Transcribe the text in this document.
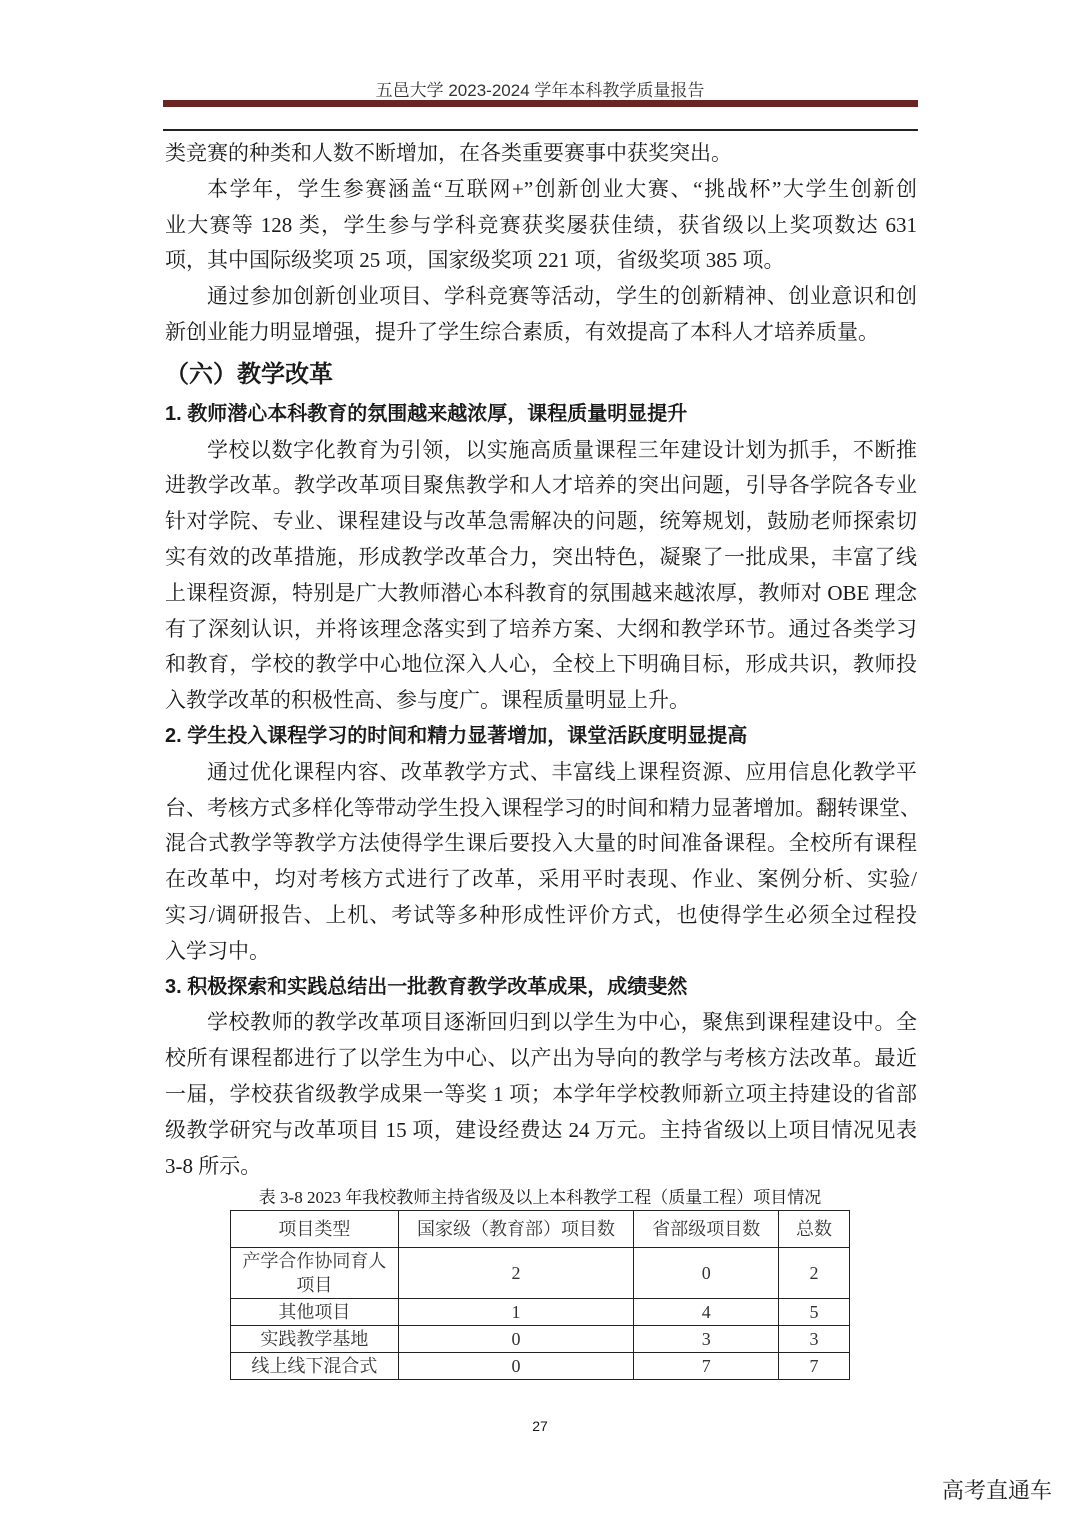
五邑大学 2023-2024 学年本科教学质量报告
类竞赛的种类和人数不断增加，在各类重要赛事中获奖突出。
本学年，学生参赛涵盖“互联网+”创新创业大赛、“挑战杯”大学生创新创
业大赛等 128 类，学生参与学科竞赛获奖屡获佳绩，获省级以上奖项数达 631
项，其中国际级奖项 25 项，国家级奖项 221 项，省级奖项 385 项。
通过参加创新创业项目、学科竞赛等活动，学生的创新精神、创业意识和创
新创业能力明显增强，提升了学生综合素质，有效提高了本科人才培养质量。
（六）教学改革
1. 教师潜心本科教育的氛围越来越浓厚，课程质量明显提升
学校以数字化教育为引领，以实施高质量课程三年建设计划为抓手，不断推
进教学改革。教学改革项目聚焦教学和人才培养的突出问题，引导各学院各专业
针对学院、专业、课程建设与改革急需解决的问题，统筹规划，鼓励老师探索切
实有效的改革措施，形成教学改革合力，突出特色，凝聚了一批成果，丰富了线
上课程资源，特别是广大教师潜心本科教育的氛围越来越浓厚，教师对 OBE 理念
有了深刻认识，并将该理念落实到了培养方案、大纲和教学环节。通过各类学习
和教育，学校的教学中心地位深入人心，全校上下明确目标，形成共识，教师投
入教学改革的积极性高、参与度广。课程质量明显上升。
2. 学生投入课程学习的时间和精力显著增加，课堂活跃度明显提高
通过优化课程内容、改革教学方式、丰富线上课程资源、应用信息化教学平
台、考核方式多样化等带动学生投入课程学习的时间和精力显著增加。翻转课堂、
混合式教学等教学方法使得学生课后要投入大量的时间准备课程。全校所有课程
在改革中，均对考核方式进行了改革，采用平时表现、作业、案例分析、实验/
实习/调研报告、上机、考试等多种形成性评价方式，也使得学生必须全过程投
入学习中。
3. 积极探索和实践总结出一批教育教学改革成果，成绩斐然
学校教师的教学改革项目逐渐回归到以学生为中心，聚焦到课程建设中。全
校所有课程都进行了以学生为中心、以产出为导向的教学与考核方法改革。最近
一届，学校获省级教学成果一等奖 1 项；本学年学校教师新立项主持建设的省部
级教学研究与改革项目 15 项，建设经费达 24 万元。主持省级以上项目情况见表
3-8 所示。
表 3-8 2023 年我校教师主持省级及以上本科教学工程（质量工程）项目情况
项目类型	国家级（教育部）项目数	省部级项目数	总数
产学合作协同育人项目	2	0	2
其他项目	1	4	5
实践教学基地	0	3	3
线上线下混合式	0	7	7
27
高考直通车
